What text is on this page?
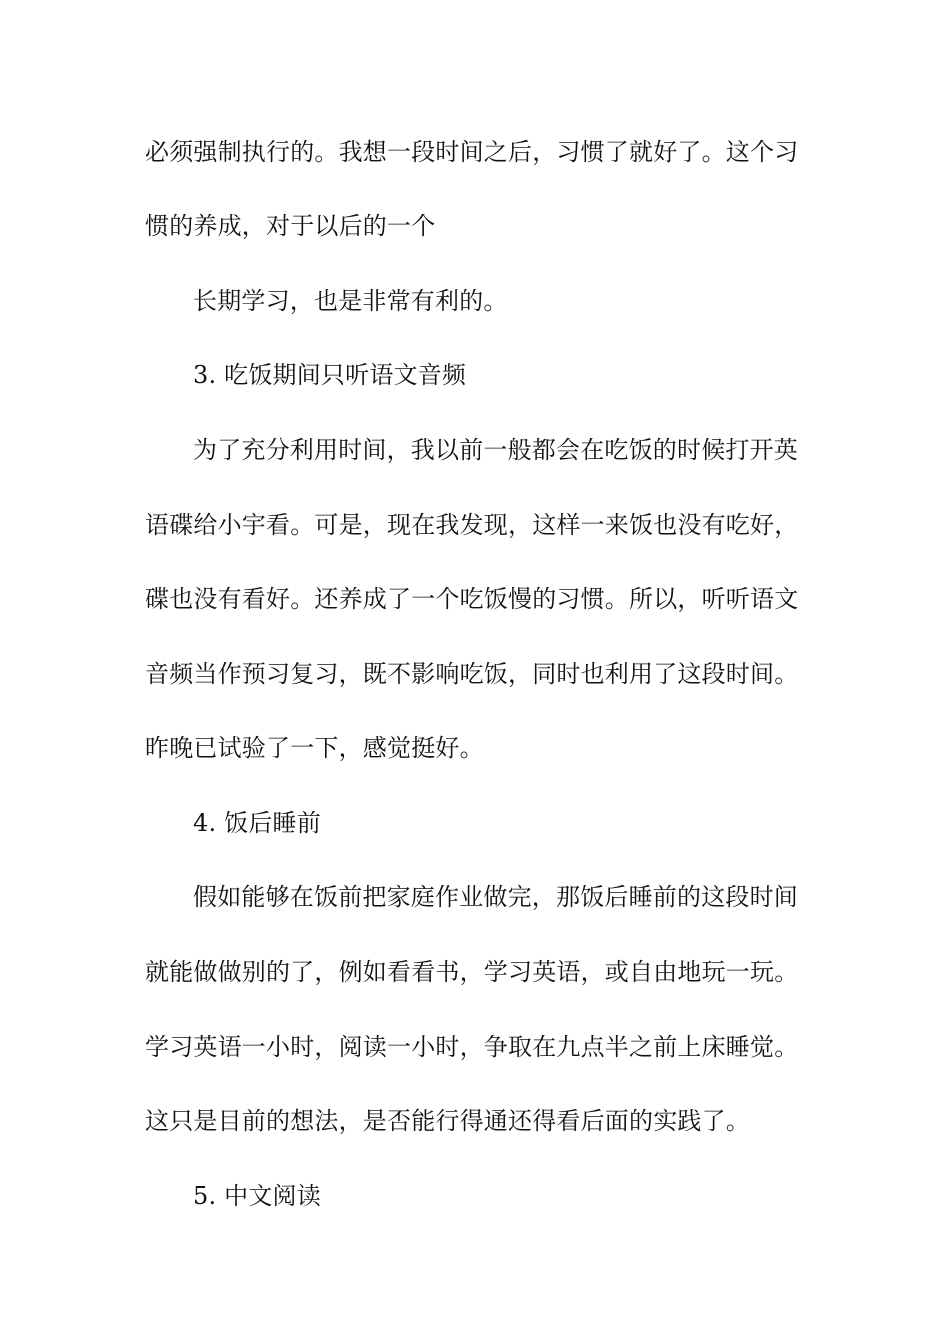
必须强制执行的。我想一段时间之后，习惯了就好了。这个习
惯的养成，对于以后的一个
长期学习，也是非常有利的。
3. 吃饭期间只听语文音频
为了充分利用时间，我以前一般都会在吃饭的时候打开英
语碟给小宇看。可是，现在我发现，这样一来饭也没有吃好，
碟也没有看好。还养成了一个吃饭慢的习惯。所以，听听语文
音频当作预习复习，既不影响吃饭，同时也利用了这段时间。
昨晚已试验了一下，感觉挺好。
4. 饭后睡前
假如能够在饭前把家庭作业做完，那饭后睡前的这段时间
就能做做别的了，例如看看书，学习英语，或自由地玩一玩。
学习英语一小时，阅读一小时，争取在九点半之前上床睡觉。
这只是目前的想法，是否能行得通还得看后面的实践了。
5. 中文阅读
